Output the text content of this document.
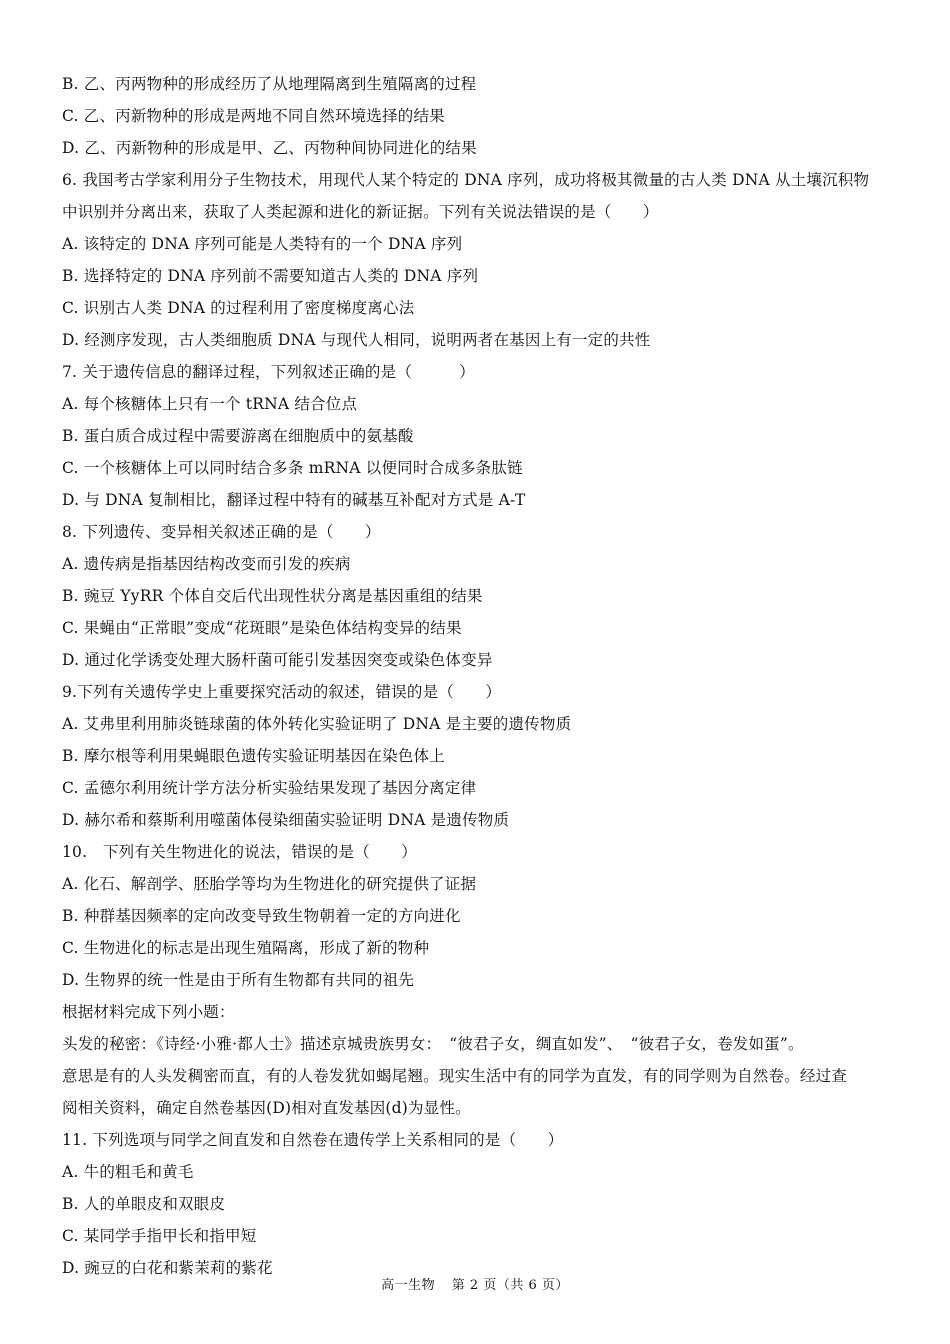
B. 乙、丙两物种的形成经历了从地理隔离到生殖隔离的过程
C. 乙、丙新物种的形成是两地不同自然环境选择的结果
D. 乙、丙新物种的形成是甲、乙、丙物种间协同进化的结果
6. 我国考古学家利用分子生物技术，用现代人某个特定的 DNA 序列，成功将极其微量的古人类 DNA 从土壤沉积物
中识别并分离出来，获取了人类起源和进化的新证据。下列有关说法错误的是（　　）
A. 该特定的 DNA 序列可能是人类特有的一个 DNA 序列
B. 选择特定的 DNA 序列前不需要知道古人类的 DNA 序列
C. 识别古人类 DNA 的过程利用了密度梯度离心法
D. 经测序发现，古人类细胞质 DNA 与现代人相同，说明两者在基因上有一定的共性
7. 关于遗传信息的翻译过程，下列叙述正确的是（　　　）
A. 每个核糖体上只有一个 tRNA 结合位点
B. 蛋白质合成过程中需要游离在细胞质中的氨基酸
C. 一个核糖体上可以同时结合多条 mRNA 以便同时合成多条肽链
D. 与 DNA 复制相比，翻译过程中特有的碱基互补配对方式是 A-T
8. 下列遗传、变异相关叙述正确的是（　　）
A. 遗传病是指基因结构改变而引发的疾病
B. 豌豆 YyRR 个体自交后代出现性状分离是基因重组的结果
C. 果蝇由“正常眼”变成“花斑眼”是染色体结构变异的结果
D. 通过化学诱变处理大肠杆菌可能引发基因突变或染色体变异
9.下列有关遗传学史上重要探究活动的叙述，错误的是（　　）
A. 艾弗里利用肺炎链球菌的体外转化实验证明了 DNA 是主要的遗传物质
B. 摩尔根等利用果蝇眼色遗传实验证明基因在染色体上
C. 孟德尔利用统计学方法分析实验结果发现了基因分离定律
D. 赫尔希和蔡斯利用噬菌体侵染细菌实验证明 DNA 是遗传物质
10.　下列有关生物进化的说法，错误的是（　　）
A. 化石、解剖学、胚胎学等均为生物进化的研究提供了证据
B. 种群基因频率的定向改变导致生物朝着一定的方向进化
C. 生物进化的标志是出现生殖隔离，形成了新的物种
D. 生物界的统一性是由于所有生物都有共同的祖先
根据材料完成下列小题：
头发的秘密：《诗经·小雅·都人士》描述京城贵族男女：　“彼君子女，绸直如发”、　“彼君子女，卷发如蛋”。
意思是有的人头发稠密而直，有的人卷发犹如蝎尾翘。现实生活中有的同学为直发，有的同学则为自然卷。经过查
阅相关资料，确定自然卷基因(D)相对直发基因(d)为显性。
11. 下列选项与同学之间直发和自然卷在遗传学上关系相同的是（　　）
A. 牛的粗毛和黄毛
B. 人的单眼皮和双眼皮
C. 某同学手指甲长和指甲短
D. 豌豆的白花和紫茉莉的紫花
高一生物 第 2 页（共 6 页）
